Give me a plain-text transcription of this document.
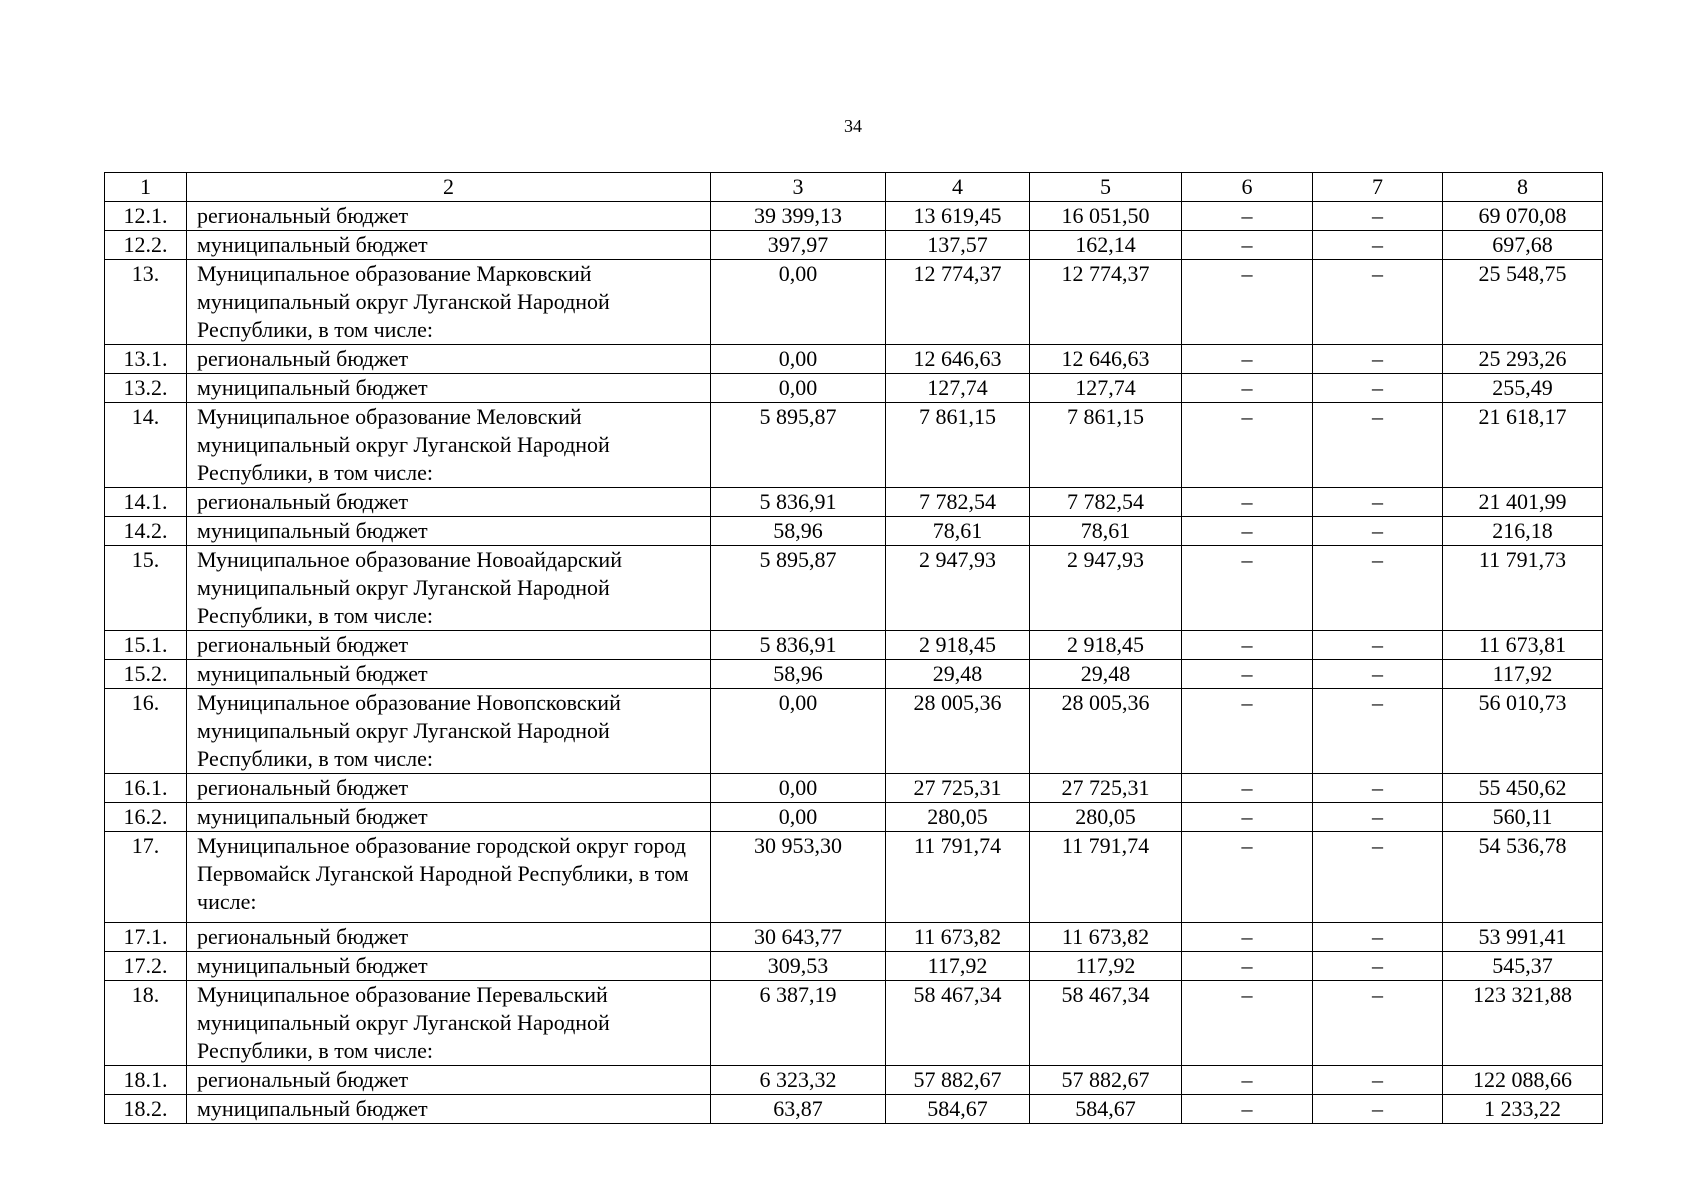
34
1	2	3	4	5	6	7	8
12.1.	региональный бюджет	39 399,13	13 619,45	16 051,50	–	–	69 070,08
12.2.	муниципальный бюджет	397,97	137,57	162,14	–	–	697,68
13.	Муниципальное образование Марковский муниципальный округ Луганской Народной Республики, в том числе:	0,00	12 774,37	12 774,37	–	–	25 548,75
13.1.	региональный бюджет	0,00	12 646,63	12 646,63	–	–	25 293,26
13.2.	муниципальный бюджет	0,00	127,74	127,74	–	–	255,49
14.	Муниципальное образование Меловский муниципальный округ Луганской Народной Республики, в том числе:	5 895,87	7 861,15	7 861,15	–	–	21 618,17
14.1.	региональный бюджет	5 836,91	7 782,54	7 782,54	–	–	21 401,99
14.2.	муниципальный бюджет	58,96	78,61	78,61	–	–	216,18
15.	Муниципальное образование Новоайдарский муниципальный округ Луганской Народной Республики, в том числе:	5 895,87	2 947,93	2 947,93	–	–	11 791,73
15.1.	региональный бюджет	5 836,91	2 918,45	2 918,45	–	–	11 673,81
15.2.	муниципальный бюджет	58,96	29,48	29,48	–	–	117,92
16.	Муниципальное образование Новопсковский муниципальный округ Луганской Народной Республики, в том числе:	0,00	28 005,36	28 005,36	–	–	56 010,73
16.1.	региональный бюджет	0,00	27 725,31	27 725,31	–	–	55 450,62
16.2.	муниципальный бюджет	0,00	280,05	280,05	–	–	560,11
17.	Муниципальное образование городской округ город Первомайск Луганской Народной Республики, в том числе:	30 953,30	11 791,74	11 791,74	–	–	54 536,78
17.1.	региональный бюджет	30 643,77	11 673,82	11 673,82	–	–	53 991,41
17.2.	муниципальный бюджет	309,53	117,92	117,92	–	–	545,37
18.	Муниципальное образование Перевальский муниципальный округ Луганской Народной Республики, в том числе:	6 387,19	58 467,34	58 467,34	–	–	123 321,88
18.1.	региональный бюджет	6 323,32	57 882,67	57 882,67	–	–	122 088,66
18.2.	муниципальный бюджет	63,87	584,67	584,67	–	–	1 233,22
